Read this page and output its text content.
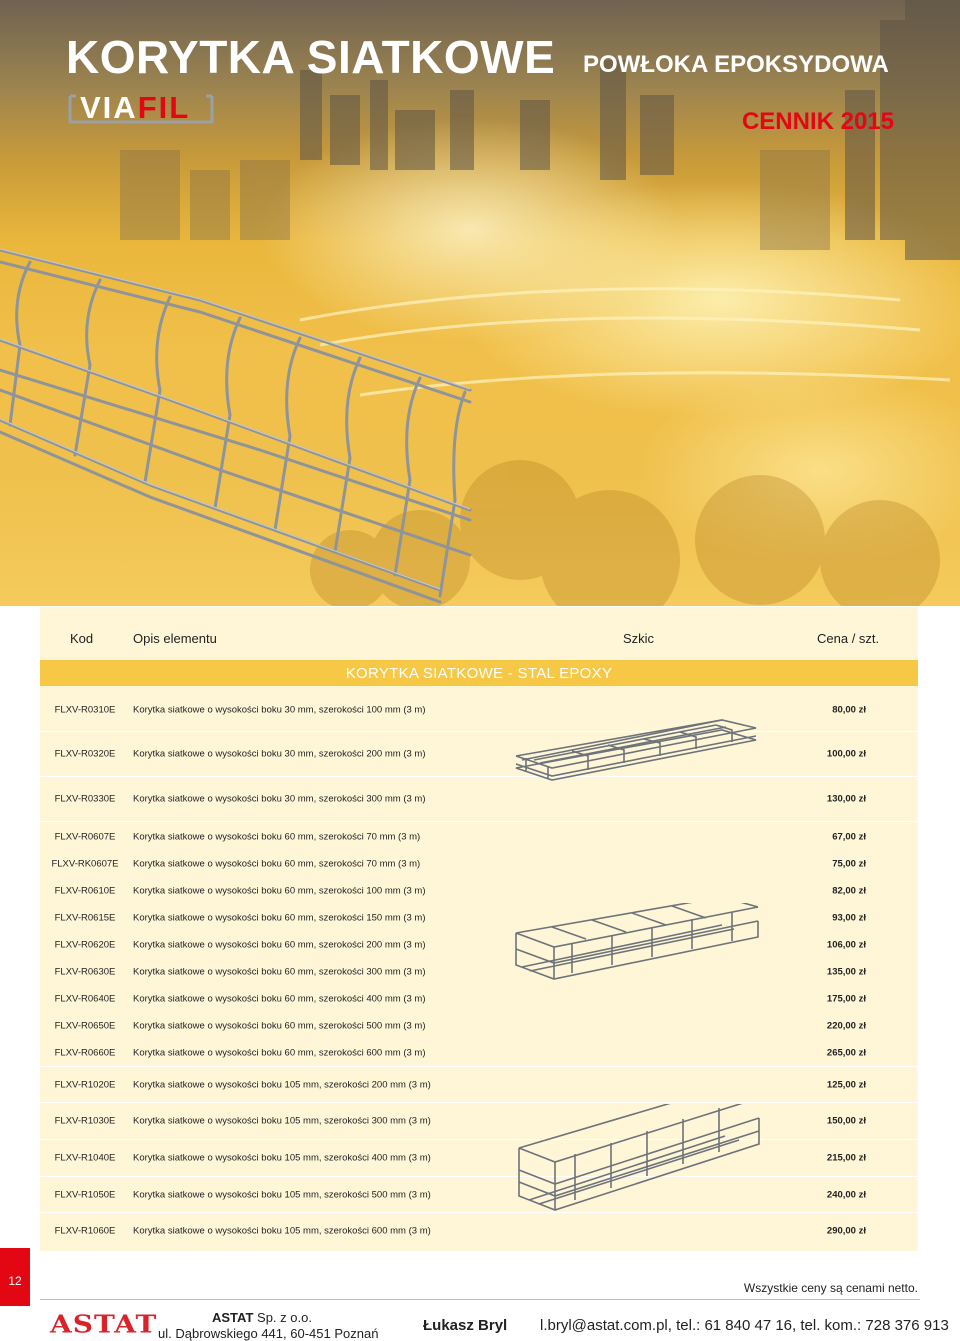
KORYTKA SIATKOWE POWŁOKA EPOKSYDOWA
CENNIK 2015
VIAFIL
Kod	Opis elementu	Szkic	Cena / szt.
KORYTKA SIATKOWE - STAL EPOXY
FLXV-R0310E	Korytka siatkowe o wysokości boku 30 mm, szerokości 100 mm (3 m)	80,00 zł
FLXV-R0320E	Korytka siatkowe o wysokości boku 30 mm, szerokości 200 mm (3 m)	100,00 zł
FLXV-R0330E	Korytka siatkowe o wysokości boku 30 mm, szerokości 300 mm (3 m)	130,00 zł
FLXV-R0607E	Korytka siatkowe o wysokości boku 60 mm, szerokości 70 mm (3 m)	67,00 zł
FLXV-RK0607E	Korytka siatkowe o wysokości boku 60 mm, szerokości 70 mm (3 m)	75,00 zł
FLXV-R0610E	Korytka siatkowe o wysokości boku 60 mm, szerokości 100 mm (3 m)	82,00 zł
FLXV-R0615E	Korytka siatkowe o wysokości boku 60 mm, szerokości 150 mm (3 m)	93,00 zł
FLXV-R0620E	Korytka siatkowe o wysokości boku 60 mm, szerokości 200 mm (3 m)	106,00 zł
FLXV-R0630E	Korytka siatkowe o wysokości boku 60 mm, szerokości 300 mm (3 m)	135,00 zł
FLXV-R0640E	Korytka siatkowe o wysokości boku 60 mm, szerokości 400 mm (3 m)	175,00 zł
FLXV-R0650E	Korytka siatkowe o wysokości boku 60 mm, szerokości 500 mm (3 m)	220,00 zł
FLXV-R0660E	Korytka siatkowe o wysokości boku 60 mm, szerokości 600 mm (3 m)	265,00 zł
FLXV-R1020E	Korytka siatkowe o wysokości boku 105 mm, szerokości 200 mm (3 m)	125,00 zł
FLXV-R1030E	Korytka siatkowe o wysokości boku 105 mm, szerokości 300 mm (3 m)	150,00 zł
FLXV-R1040E	Korytka siatkowe o wysokości boku 105 mm, szerokości 400 mm (3 m)	215,00 zł
FLXV-R1050E	Korytka siatkowe o wysokości boku 105 mm, szerokości 500 mm (3 m)	240,00 zł
FLXV-R1060E	Korytka siatkowe o wysokości boku 105 mm, szerokości 600 mm (3 m)	290,00 zł
12	Wszystkie ceny są cenami netto.
ASTAT	ASTAT Sp. z o.o.
ul. Dąbrowskiego 441, 60-451 Poznań	Łukasz Bryl l.bryl@astat.com.pl, tel.: 61 840 47 16, tel. kom.: 728 376 913
